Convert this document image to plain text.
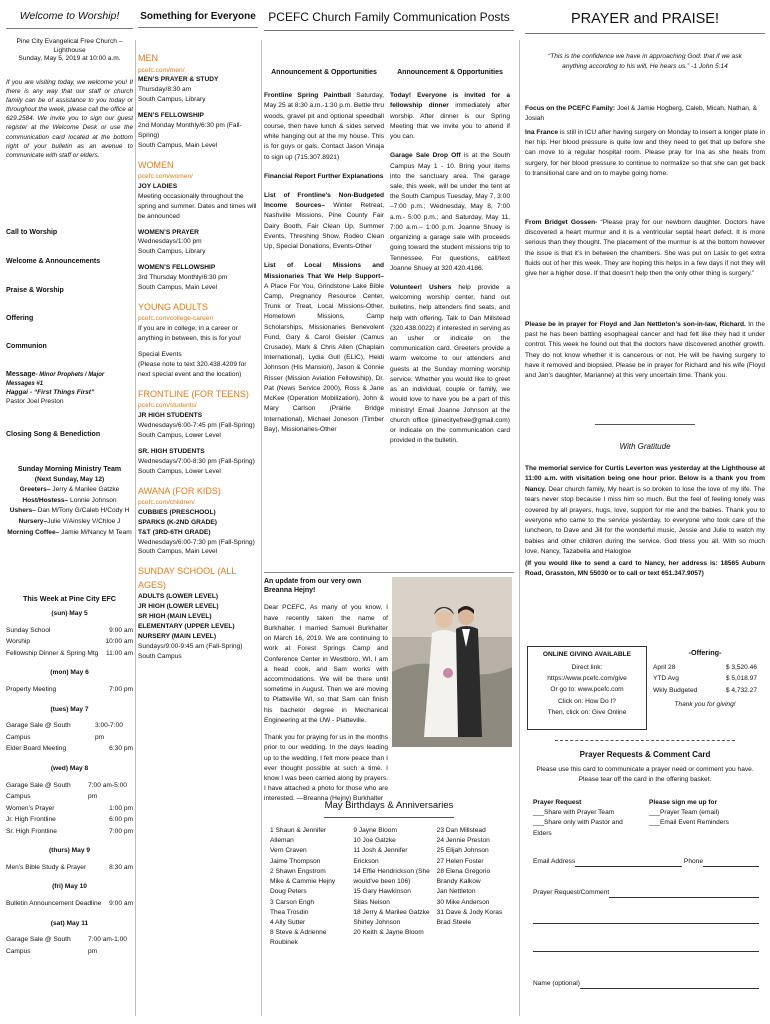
Welcome to Worship!
Pine City Evangelical Free Church – Lighthouse
Sunday, May 5, 2019 at 10:00 a.m.
If you are visiting today, we welcome you! If there is any way that our staff or church family can be of assistance to you today or throughout the week, please call the office at 629.2584. We invite you to sign our guest register at the Welcome Desk or use the communication card located at the bottom right of your bulletin as an avenue to communicate with staff or elders.
Call to Worship
Welcome & Announcements
Praise & Worship
Offering
Communion
Message- Minor Prophets / Major Messages #1
Haggai - “First Things First”
Pastor Joel Preston
Closing Song & Benediction
Sunday Morning Ministry Team
(Next Sunday, May 12)
Greeters– Jerry & Marilee Gatzke
Host/Hostess– Lonnie Johnson
Ushers– Dan M/Tony G/Caleb H/Cody H
Nursery–Julie V/Ainsley V/Chloe J
Morning Coffee– Jamie M/Nancy M Team
This Week at Pine City EFC
(sun) May 5
Sunday School	9:00 am
Worship	10:00 am
Fellowship Dinner & Spring Mtg 11:00 am
(mon) May 6
Property Meeting	7:00 pm
(tues) May 7
Garage Sale @ South Campus
3:00-7:00 pm
Elder Board Meeting	6:30 pm
(wed) May 8
Garage Sale @ South Campus
7:00 am-5:00 pm
Women’s Prayer	1:00 pm
Jr. High Frontline	6:00 pm
Sr. High Frontline	7:00 pm
(thurs) May 9
Men’s Bible Study & Prayer	8:30 am
(fri) May 10
Bulletin Announcement Deadline 9:00 am
(sat) May 11
Garage Sale @ South Campus
7:00 am-1:00 pm
Something for Everyone
MEN
pcefc.com/men/
MEN’S PRAYER & STUDY
Thursday/8:30 am
South Campus, Library
MEN’S FELLOWSHIP
2nd Monday Monthly/6:30 pm (Fall-Spring)
South Campus, Main Level
WOMEN
pcefc.com/women/
JOY LADIES
Meeting occasionally throughout the spring and summer. Dates and times will be announced
WOMEN’S PRAYER
Wednesdays/1:00 pm
South Campus, Library
WOMEN’S FELLOWSHIP
3rd Thursday Monthly/6:30 pm
South Campus, Main Level
YOUNG ADULTS
pcefc.com/college-career/
If you are in college, in a career or anything in between, this is for you!
Special Events
(Please note to text 320.438.4209 for next special event and the location)
FRONTLINE (FOR TEENS)
pcefc.com/students/
JR HIGH STUDENTS
Wednesdays/6:00-7:45 pm (Fall-Spring)
South Campus, Lower Level
SR. HIGH STUDENTS
Wednesdays/7:00-8:30 pm (Fall-Spring)
South Campus, Lower Level
AWANA (FOR KIDS)
pcefc.com/children/
CUBBIES (PRESCHOOL)
SPARKS (K-2ND GRADE)
T&T (3RD-6TH GRADE)
Wednesdays/6:00-7:30 pm (Fall-Spring)
South Campus, Main Level
SUNDAY SCHOOL (ALL AGES)
ADULTS (LOWER LEVEL)
JR HIGH (LOWER LEVEL)
SR HIGH (MAIN LEVEL)
ELEMENTARY (UPPER LEVEL)
NURSERY (MAIN LEVEL)
Sundays/9:00-9:45 am (Fall-Spring)
South Campus
PCEFC Church Family Communication Posts
Announcement & Opportunities
Frontline Spring Paintball Saturday, May 25 at 8:30 a.m.-1:30 p.m. Bettle thru woods, gravel pit and optional speedball course, then have lunch & sides served while hanging out at the my house. This is for guys or gals. Contact Jason Vinaja to sign up (715.307.8921)
Financial Report Further Explanations
List of Frontline’s Non-Budgeted Income Sources– Winter Retreat, Nashville Missions, Pine County Fair Dairy Booth, Fair Clean Up, Summer Events, Threshing Show, Rodeo Clean Up, Special Donations, Events-Other
List of Local Missions and Missionaries That We Help Support– A Place For You, Grindstone Lake Bible Camp, Pregnancy Resource Center, Trunk or Treat, Local Missions-Other, Hometown Missions, Camp Scholarships, Missionaries Benevolent Fund, Gary & Carol Geisler (Camus Crusade), Mark & Chris Allen (Chaplain International), Lydia Gull (ELIC), Heidi Johnson (His Mansion), Jason & Connie Risser (Mission Aviation Fellowship), Dr. Pat (News Service 2000), Ross & Jane McKee (Operation Mobilization), John & Mary Carlson (Prairie Bridge International), Michael Joneson (Timber Bay), Missionaries-Other
Announcement & Opportunities
Today! Everyone is invited for a fellowship dinner immediately after worship. After dinner is our Spring Meeting that we invite you to attend if you can.
Garage Sale Drop Off is at the South Campus May 1 - 10. Bring your items into the sanctuary area. The garage sale, this week, will be under the tent at the South Campus Tuesday, May 7, 3:00 –7:00 p.m.; Wednesday, May 8, 7:00 a.m.- 5:00 p.m.; and Saturday, May 11, 7:00 a.m.– 1:00 p.m. Joanne Shuey is organizing a garage sale with proceeds going toward the student missions trip to Tennessee. For questions, call/text Joanne Shuey at 320.420.4186.
Volunteer! Ushers help provide a welcoming worship center, hand out bulletins, help attenders find seats, and help with offering. Talk to Dan Millstead (320.438.0022) if interested in serving as an usher or indicate on the communication card. Greeters provide a warm welcome to our attenders and guests at the Sunday morning worship service. Whether you would like to greet as an individual, couple or family, we would love to have you be a part of this ministry! Email Joanne Johnson at the church office (pinecityefree@gmail.com) or indicate on the communication card provided in the bulletin.
An update from our very own Breanna Hejny!
Dear PCEFC, As many of you know, I have recently taken the name of Burkhalter. I married Samuel Burkhalter on March 16, 2019. We are continuing to work at Forest Springs Camp and Conference Center in Westboro, WI. I am a head cook, and Sam works with accommodations. We will be there until sometime in August. Then we are moving to Platteville WI, so that Sam can finish his bachelor degree in Mechanical Engineering at the UW - Platteville.
Thank you for praying for us in the months prior to our wedding. In the days leading up to the wedding, I felt more peace than I ever thought possible at such a time. I know I was been carried along by prayers. I have attached a photo for those who are interested. —Breanna (Hejny) Burkhalter
May Birthdays & Anniversaries
1 Shaun & Jennifer Alleman
Vern Craven
Jaime Thompson
2 Shawn Engstrom
Mike & Cammie Hejny
Doug Peters
3 Carson Engh
Thea Trosdin
4 Ally Sutter
8 Steve & Adrienne Roubinek
9 Jayne Bloom
10 Joe Gatzke
11 Josh & Jennifer Erickson
14 Effie Hendrickson (She
would've been 106)
15 Gary Hawkinson
Silas Nelson
18 Jerry & Marilee Gatzke
Shirley Johnson
20 Keith & Jayne Bloom
23 Dan Millstead
24 Jennie Preston
25 Elijah Johnson
27 Helen Foster
28 Elena Gregorio
Brandy Kalkow
Jan Nettleton
30 Mike Anderson
31 Dave & Jody Koras
Brad Steele
PRAYER and PRAISE!
“This is the confidence we have in approaching God: that if we ask anything according to his will, He hears us.” -1 John 5:14
Focus on the PCEFC Family: Joel & Jamie Hogberg, Caleb, Micah, Nathan, & Josiah
Ina France is still in ICU after having surgery on Monday to insert a longer plate in her hip. Her blood pressure is quite low and they need to get that up before she can move to a regular hospital room. Please pray for Ina as she heals from surgery, for her blood pressure to continue to normalize so that she can get back to transitional care and on to maybe going home.
From Bridget Gossen- “Please pray for our newborn daughter. Doctors have discovered a heart murmur and it is a ventricular septal heart defect. It is more serious than they thought. The placement of the murmur is at the bottom however the issue is that it’s in between the chambers. She was put on Lasix to get extra fluids out of her this week. They are hoping this helps in a few days if not they will give her a higher dose. If that doesn’t help then the only other thing is surgery.”
Please be in prayer for Floyd and Jan Nettleton’s son-in-law, Richard. In the past he has been battling esophageal cancer and had felt like they had it under control. This week he found out that the doctors have discovered another growth. They do not know whether it is cancerous or not. He will be having surgery to have it removed and biopsied. Please be in prayer for Richard and his wife (Floyd and Jan’s daughter, Marianne) at this very uncertain time. Thank you.
With Gratitude
The memorial service for Curtis Leverton was yesterday at the Lighthouse at 11:00 a.m. with visitation being one hour prior. Below is a thank you from Nancy. Dear church family, My heart is so broken to lose the love of my life. The tears never stop because I miss him so much. But the feel of feeling lonely was covered by all prayers, hugs, love, support for me and the babies. Thank you to everyone who came to the service yesterday, to everyone who took care of the luncheon, to Dave and Jill for the wonderful music, Jessie and Julie to watch my babies and other children during the service. God bless you all. With so much love, Nancy, Tazabella and Halogloe
(If you would like to send a card to Nancy, her address is: 18565 Auburn Road, Grasston, MN 55030 or to call or text 651.347.9057)
ONLINE GIVING AVAILABLE
Direct link: https://www.pcefc.com/give
Or go to: www.pcefc.com
Click on: How Do I?
Then, click on: Give Online
-Offering-
April 28	$ 3,520.46
YTD Avg	$ 5,018.97
Wkly Budgeted	$ 4,732.27
Thank you for giving!
Prayer Requests & Comment Card
Please use this card to communicate a prayer need or comment you have.
Please tear off the card in the offering basket.
Prayer Request
___Share with Prayer Team
___Share only with Pastor and Elders
Please sign me up for
___Prayer Team (email)
___Email Event Reminders
Email Address	Phone
Prayer Request/Comment
Name (optional)
